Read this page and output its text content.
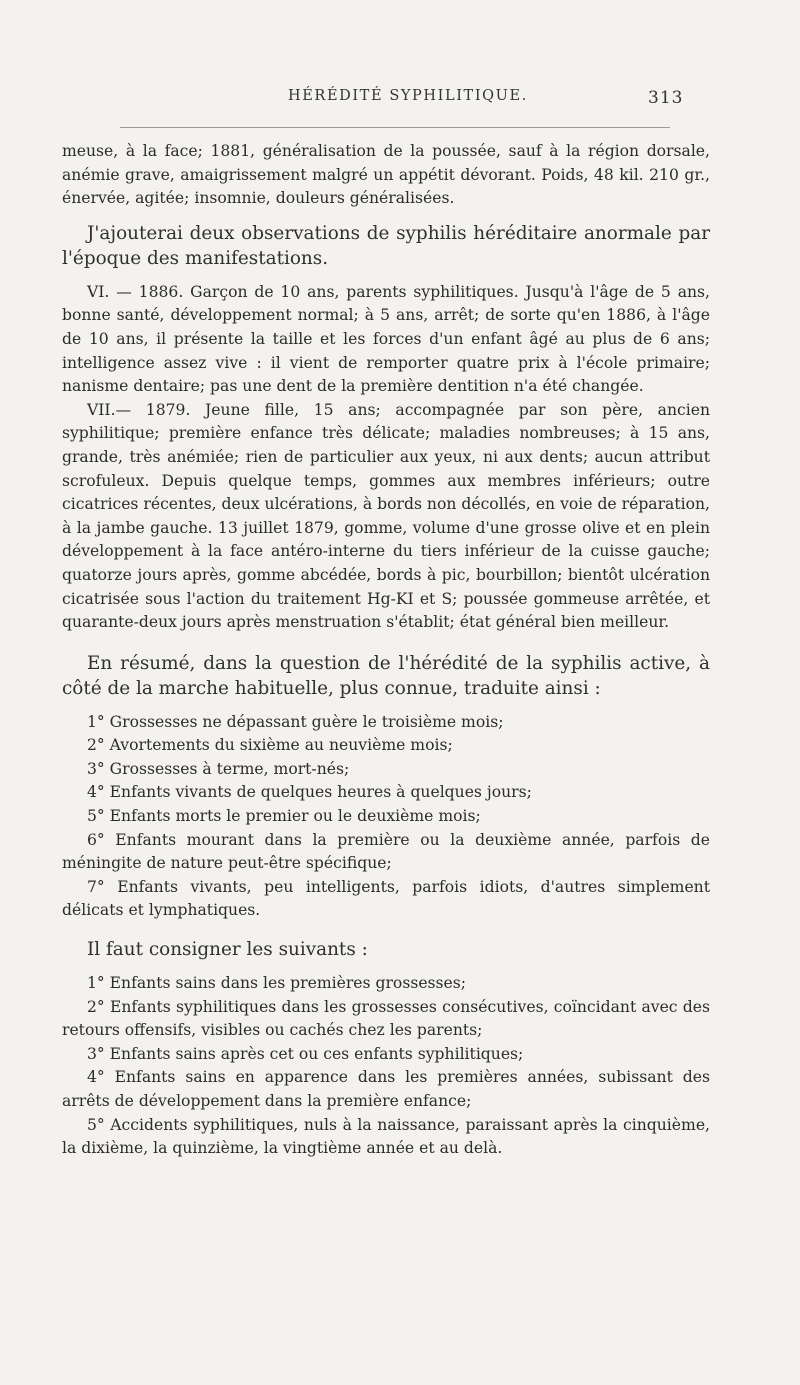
HÉRÉDITÉ SYPHILITIQUE.	313

meuse, à la face; 1881, généralisation de la poussée, sauf à la région dorsale, anémie grave, amaigrissement malgré un appétit dévorant. Poids, 48 kil. 210 gr., énervée, agitée; insomnie, douleurs généralisées.

J'ajouterai deux observations de syphilis héréditaire anormale par l'époque des manifestations.

VI. — 1886. Garçon de 10 ans, parents syphilitiques. Jusqu'à l'âge de 5 ans, bonne santé, développement normal; à 5 ans, arrêt; de sorte qu'en 1886, à l'âge de 10 ans, il présente la taille et les forces d'un enfant âgé au plus de 6 ans; intelligence assez vive : il vient de remporter quatre prix à l'école primaire; nanisme dentaire; pas une dent de la première dentition n'a été changée.

VII.— 1879. Jeune fille, 15 ans; accompagnée par son père, ancien syphilitique; première enfance très délicate; maladies nombreuses; à 15 ans, grande, très anémiée; rien de particulier aux yeux, ni aux dents; aucun attribut scrofuleux. Depuis quelque temps, gommes aux membres inférieurs; outre cicatrices récentes, deux ulcérations, à bords non décollés, en voie de réparation, à la jambe gauche. 13 juillet 1879, gomme, volume d'une grosse olive et en plein développement à la face antéro-interne du tiers inférieur de la cuisse gauche; quatorze jours après, gomme abcédée, bords à pic, bourbillon; bientôt ulcération cicatrisée sous l'action du traitement Hg-KI et S; poussée gommeuse arrêtée, et quarante-deux jours après menstruation s'établit; état général bien meilleur.

En résumé, dans la question de l'hérédité de la syphilis active, à côté de la marche habituelle, plus connue, traduite ainsi :

1° Grossesses ne dépassant guère le troisième mois;

2° Avortements du sixième au neuvième mois;

3° Grossesses à terme, mort-nés;

4° Enfants vivants de quelques heures à quelques jours;

5° Enfants morts le premier ou le deuxième mois;

6° Enfants mourant dans la première ou la deuxième année, parfois de méningite de nature peut-être spécifique;

7° Enfants vivants, peu intelligents, parfois idiots, d'autres simplement délicats et lymphatiques.

Il faut consigner les suivants :

1° Enfants sains dans les premières grossesses;

2° Enfants syphilitiques dans les grossesses consécutives, coïncidant avec des retours offensifs, visibles ou cachés chez les parents;

3° Enfants sains après cet ou ces enfants syphilitiques;

4° Enfants sains en apparence dans les premières années, subissant des arrêts de développement dans la première enfance;

5° Accidents syphilitiques, nuls à la naissance, paraissant après la cinquième, la dixième, la quinzième, la vingtième année et au delà.
